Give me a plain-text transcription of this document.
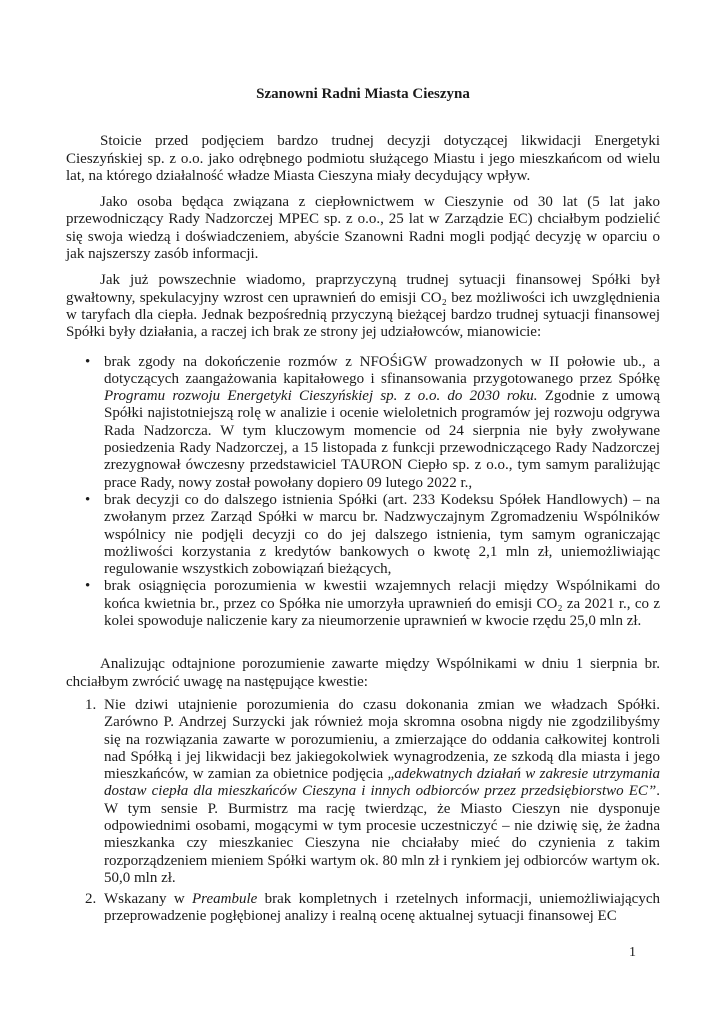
Szanowni Radni Miasta Cieszyna

Stoicie przed podjęciem bardzo trudnej decyzji dotyczącej likwidacji Energetyki Cieszyńskiej sp. z o.o. jako odrębnego podmiotu służącego Miastu i jego mieszkańcom od wielu lat, na którego działalność władze Miasta Cieszyna miały decydujący wpływ.

Jako osoba będąca związana z ciepłownictwem w Cieszynie od 30 lat (5 lat jako przewodniczący Rady Nadzorczej MPEC sp. z o.o., 25 lat w Zarządzie EC) chciałbym podzielić się swoja wiedzą i doświadczeniem, abyście Szanowni Radni mogli podjąć decyzję w oparciu o jak najszerszy zasób informacji.

Jak już powszechnie wiadomo, praprzyczyną trudnej sytuacji finansowej Spółki był gwałtowny, spekulacyjny wzrost cen uprawnień do emisji CO₂ bez możliwości ich uwzględnienia w taryfach dla ciepła. Jednak bezpośrednią przyczyną bieżącej bardzo trudnej sytuacji finansowej Spółki były działania, a raczej ich brak ze strony jej udziałowców, mianowicie:

• brak zgody na dokończenie rozmów z NFOŚiGW prowadzonych w II połowie ub., a dotyczących zaangażowania kapitałowego i sfinansowania przygotowanego przez Spółkę Programu rozwoju Energetyki Cieszyńskiej sp. z o.o. do 2030 roku. Zgodnie z umową Spółki najistotniejszą rolę w analizie i ocenie wieloletnich programów jej rozwoju odgrywa Rada Nadzorcza. W tym kluczowym momencie od 24 sierpnia nie były zwoływane posiedzenia Rady Nadzorczej, a 15 listopada z funkcji przewodniczącego Rady Nadzorczej zrezygnował ówczesny przedstawiciel TAURON Ciepło sp. z o.o., tym samym paraliżując prace Rady, nowy został powołany dopiero 09 lutego 2022 r.,
• brak decyzji co do dalszego istnienia Spółki (art. 233 Kodeksu Spółek Handlowych) – na zwołanym przez Zarząd Spółki w marcu br. Nadzwyczajnym Zgromadzeniu Wspólników wspólnicy nie podjęli decyzji co do jej dalszego istnienia, tym samym ograniczając możliwości korzystania z kredytów bankowych o kwotę 2,1 mln zł, uniemożliwiając regulowanie wszystkich zobowiązań bieżących,
• brak osiągnięcia porozumienia w kwestii wzajemnych relacji między Wspólnikami do końca kwietnia br., przez co Spółka nie umorzyła uprawnień do emisji CO₂ za 2021 r., co z kolei spowoduje naliczenie kary za nieumorzenie uprawnień w kwocie rzędu 25,0 mln zł.

Analizując odtajnione porozumienie zawarte między Wspólnikami w dniu 1 sierpnia br. chciałbym zwrócić uwagę na następujące kwestie:

1. Nie dziwi utajnienie porozumienia do czasu dokonania zmian we władzach Spółki. Zarówno P. Andrzej Surzycki jak również moja skromna osobna nigdy nie zgodzilibyśmy się na rozwiązania zawarte w porozumieniu, a zmierzające do oddania całkowitej kontroli nad Spółką i jej likwidacji bez jakiegokolwiek wynagrodzenia, ze szkodą dla miasta i jego mieszkańców, w zamian za obietnice podjęcia „adekwatnych działań w zakresie utrzymania dostaw ciepła dla mieszkańców Cieszyna i innych odbiorców przez przedsiębiorstwo EC”. W tym sensie P. Burmistrz ma rację twierdząc, że Miasto Cieszyn nie dysponuje odpowiednimi osobami, mogącymi w tym procesie uczestniczyć – nie dziwię się, że żadna mieszkanka czy mieszkaniec Cieszyna nie chciałaby mieć do czynienia z takim rozporządzeniem mieniem Spółki wartym ok. 80 mln zł i rynkiem jej odbiorców wartym ok. 50,0 mln zł.
2. Wskazany w Preambule brak kompletnych i rzetelnych informacji, uniemożliwiających przeprowadzenie pogłębionej analizy i realną ocenę aktualnej sytuacji finansowej EC
1
